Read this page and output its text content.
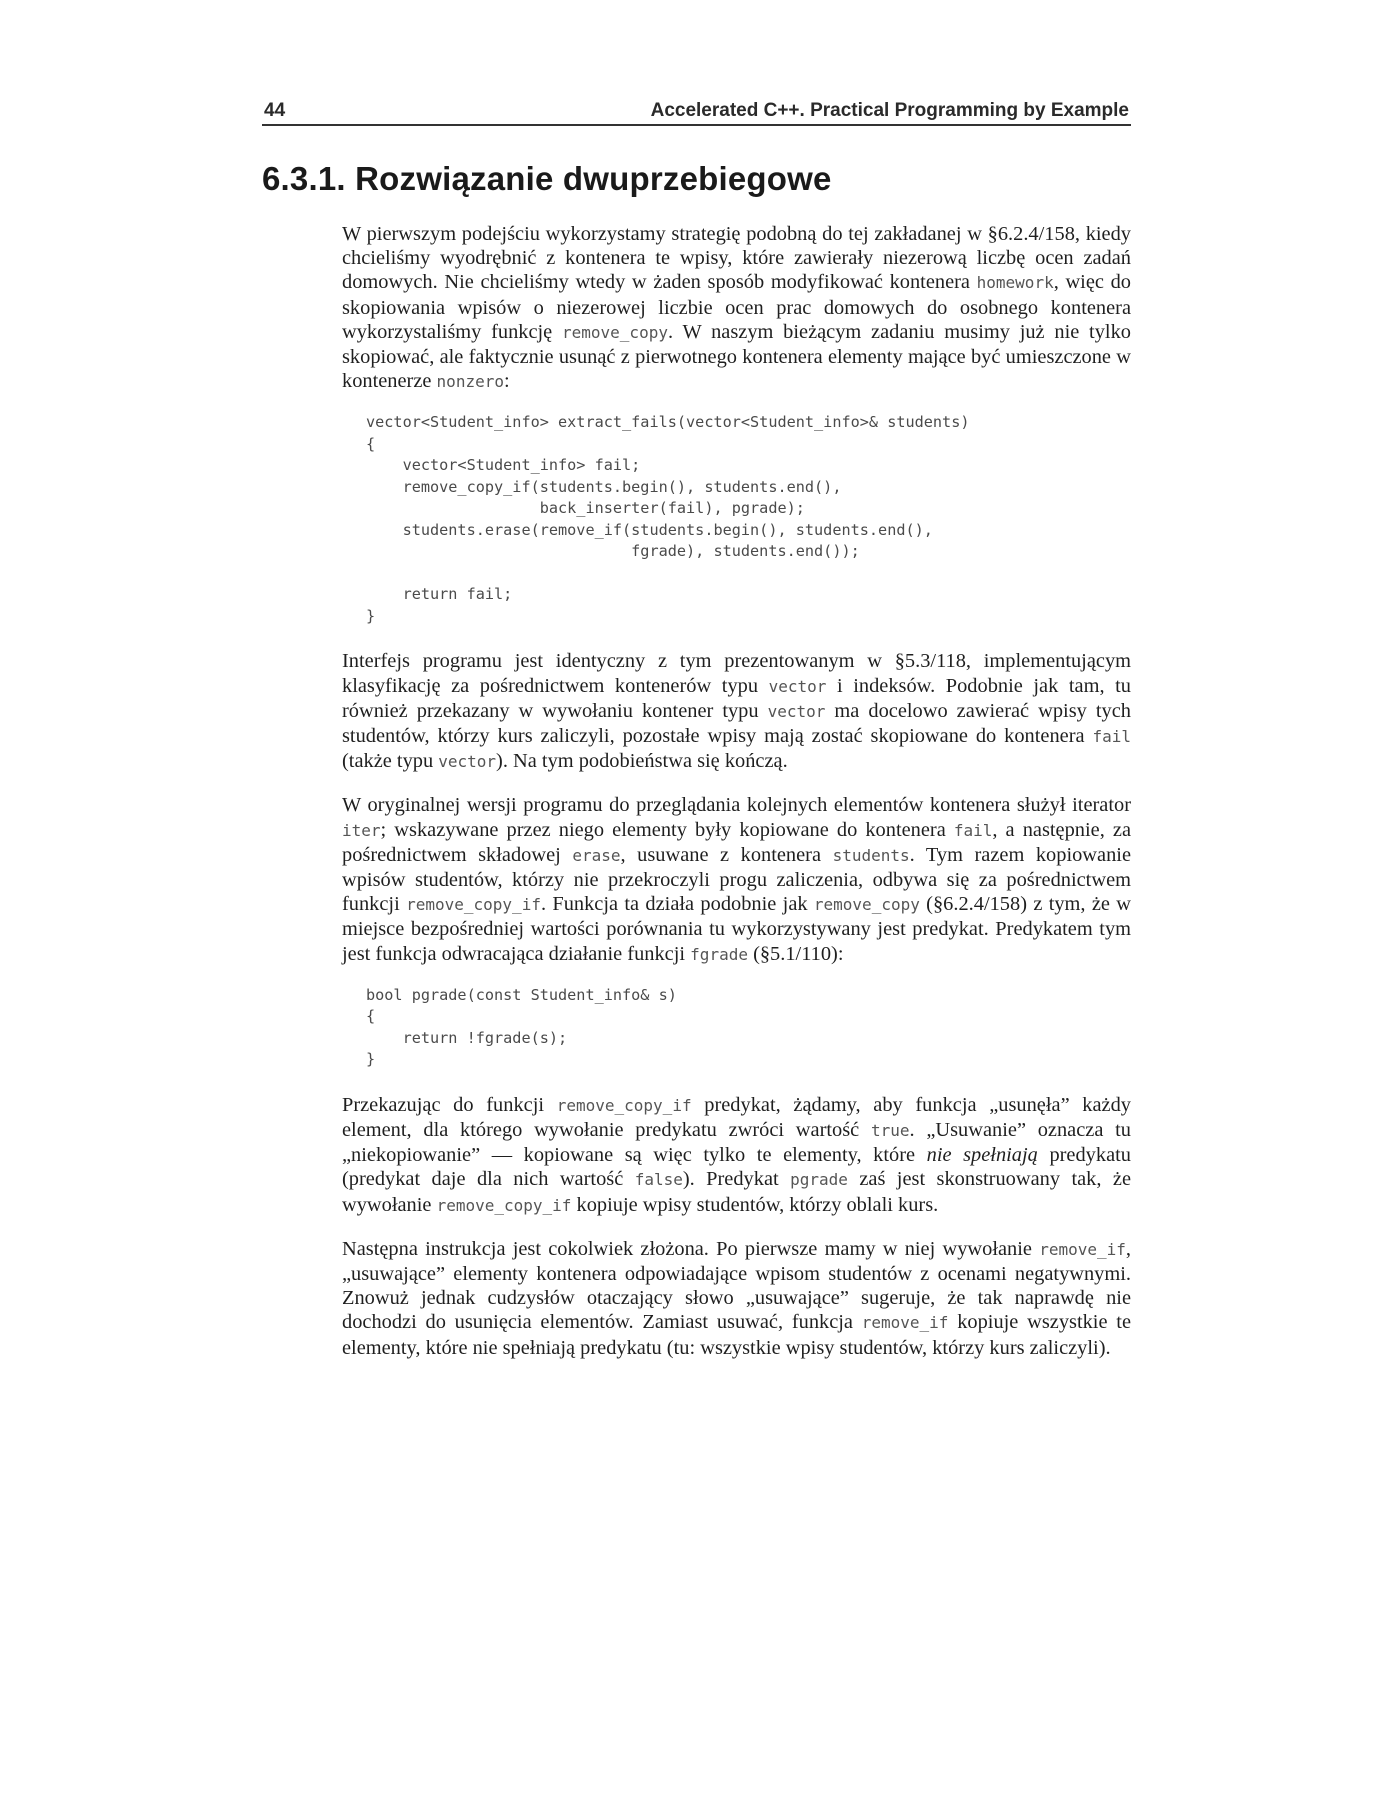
44	Accelerated C++. Practical Programming by Example
6.3.1. Rozwiązanie dwuprzebiegowe

W pierwszym podejściu wykorzystamy strategię podobną do tej zakładanej w §6.2.4/158, kiedy chcieliśmy wyodrębnić z kontenera te wpisy, które zawierały niezerową liczbę ocen zadań domowych. Nie chcieliśmy wtedy w żaden sposób modyfikować kontenera homework, więc do skopiowania wpisów o niezerowej liczbie ocen prac domowych do osobnego kontenera wykorzystaliśmy funkcję remove_copy. W naszym bieżącym zadaniu musimy już nie tylko skopiować, ale faktycznie usunąć z pierwotnego kontenera elementy mające być umieszczone w kontenerze nonzero:

vector<Student_info> extract_fails(vector<Student_info>& students)
{
vector<Student_info> fail;
remove_copy_if(students.begin(), students.end(),
back_inserter(fail), pgrade);
students.erase(remove_if(students.begin(), students.end(),
fgrade), students.end());

return fail;
}

Interfejs programu jest identyczny z tym prezentowanym w §5.3/118, implementującym klasyfikację za pośrednictwem kontenerów typu vector i indeksów. Podobnie jak tam, tu również przekazany w wywołaniu kontener typu vector ma docelowo zawierać wpisy tych studentów, którzy kurs zaliczyli, pozostałe wpisy mają zostać skopiowane do kontenera fail (także typu vector). Na tym podobieństwa się kończą.

W oryginalnej wersji programu do przeglądania kolejnych elementów kontenera służył iterator iter; wskazywane przez niego elementy były kopiowane do kontenera fail, a następnie, za pośrednictwem składowej erase, usuwane z kontenera students. Tym razem kopiowanie wpisów studentów, którzy nie przekroczyli progu zaliczenia, odbywa się za pośrednictwem funkcji remove_copy_if. Funkcja ta działa podobnie jak remove_copy (§6.2.4/158) z tym, że w miejsce bezpośredniej wartości porównania tu wykorzystywany jest predykat. Predykatem tym jest funkcja odwracająca działanie funkcji fgrade (§5.1/110):

bool pgrade(const Student_info& s)
{
return !fgrade(s);
}

Przekazując do funkcji remove_copy_if predykat, żądamy, aby funkcja „usunęła” każdy element, dla którego wywołanie predykatu zwróci wartość true. „Usuwanie” oznacza tu „niekopiowanie” — kopiowane są więc tylko te elementy, które nie spełniają predykatu (predykat daje dla nich wartość false). Predykat pgrade zaś jest skonstruowany tak, że wywołanie remove_copy_if kopiuje wpisy studentów, którzy oblali kurs.

Następna instrukcja jest cokolwiek złożona. Po pierwsze mamy w niej wywołanie remove_if, „usuwające” elementy kontenera odpowiadające wpisom studentów z ocenami negatywnymi. Znowuż jednak cudzysłów otaczający słowo „usuwające” sugeruje, że tak naprawdę nie dochodzi do usunięcia elementów. Zamiast usuwać, funkcja remove_if kopiuje wszystkie te elementy, które nie spełniają predykatu (tu: wszystkie wpisy studentów, którzy kurs zaliczyli).
